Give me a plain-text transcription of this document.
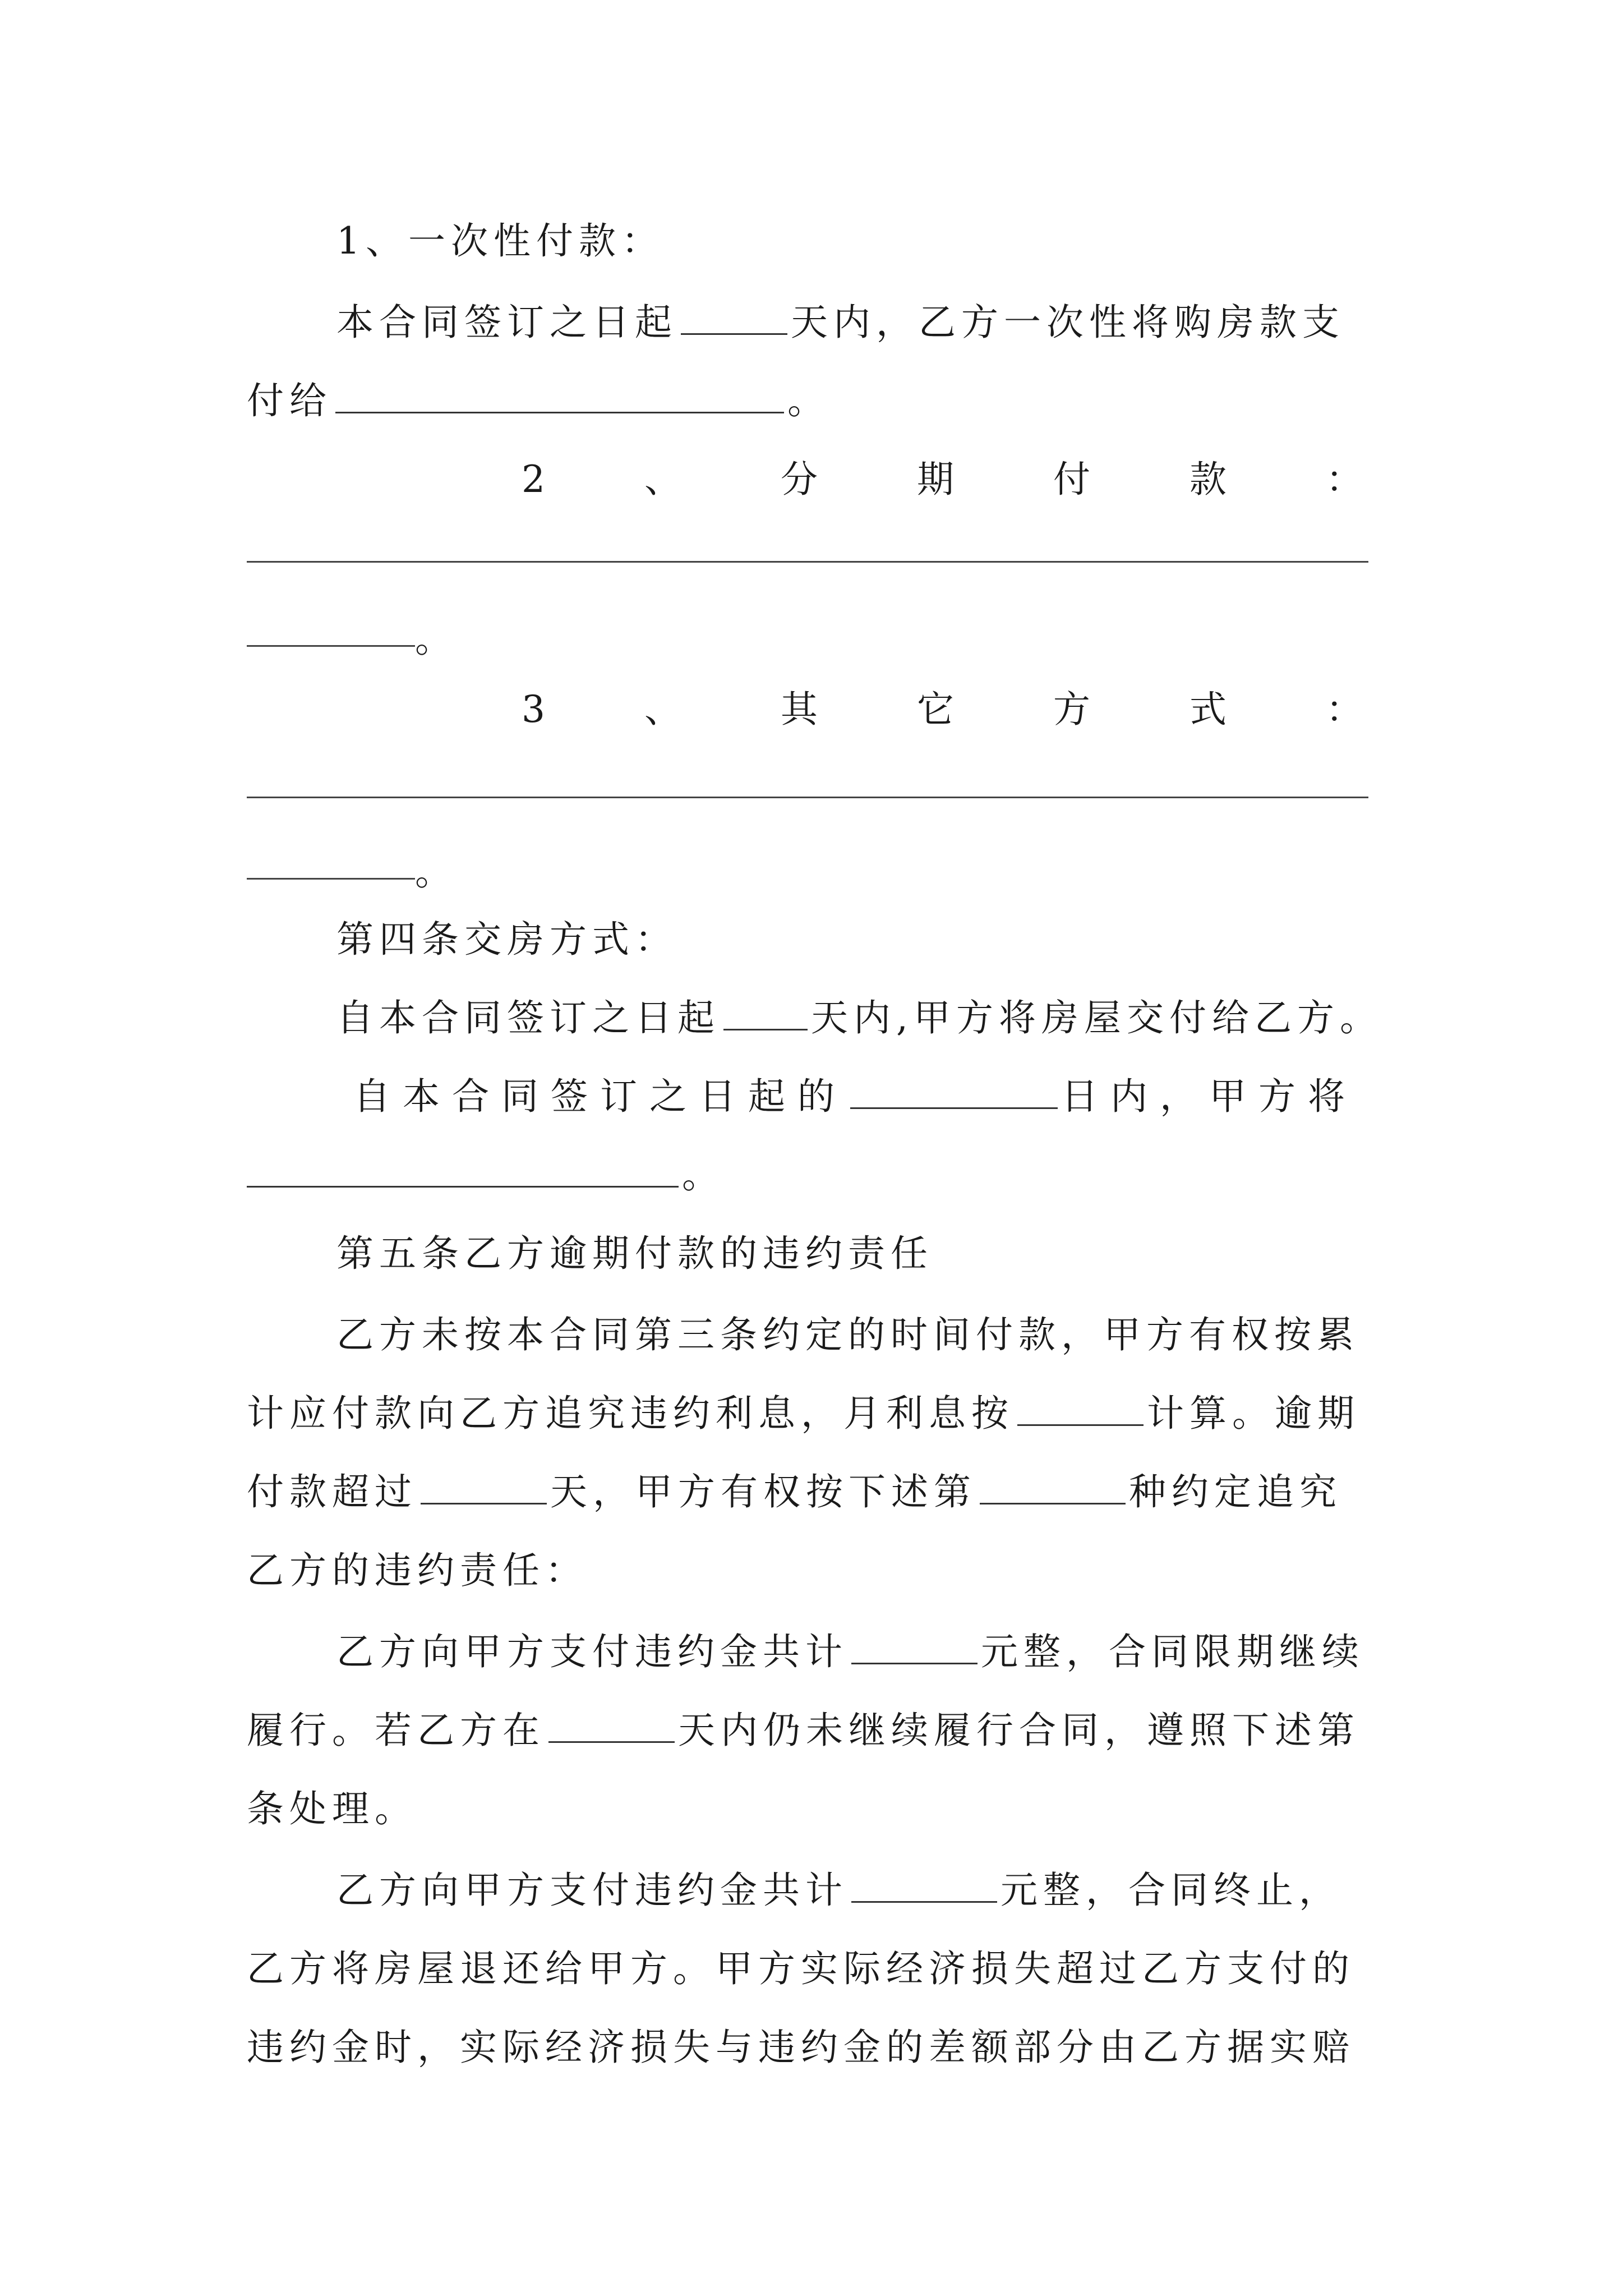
1、一次性付款：
本合同签订之日起	天内，乙方一次性将购房款支
付给	。
2	、	分	期	付	款	：
。
3	、	其	它	方	式	：
。
第四条交房方式：
自本合同签订之日起 天内,甲方将房屋交付给乙方。
自本合同签订之日起的	日内，甲方将
。
第五条乙方逾期付款的违约责任
乙方未按本合同第三条约定的时间付款，甲方有权按累
计应付款向乙方追究违约利息，月利息按	计算。逾期
付款超过	天，甲方有权按下述第	种约定追究
乙方的违约责任：
乙方向甲方支付违约金共计	元整，合同限期继续
履行。若乙方在	天内仍未继续履行合同，遵照下述第
条处理。
乙方向甲方支付违约金共计	元整，合同终止，
乙方将房屋退还给甲方。甲方实际经济损失超过乙方支付的
违约金时，实际经济损失与违约金的差额部分由乙方据实赔
